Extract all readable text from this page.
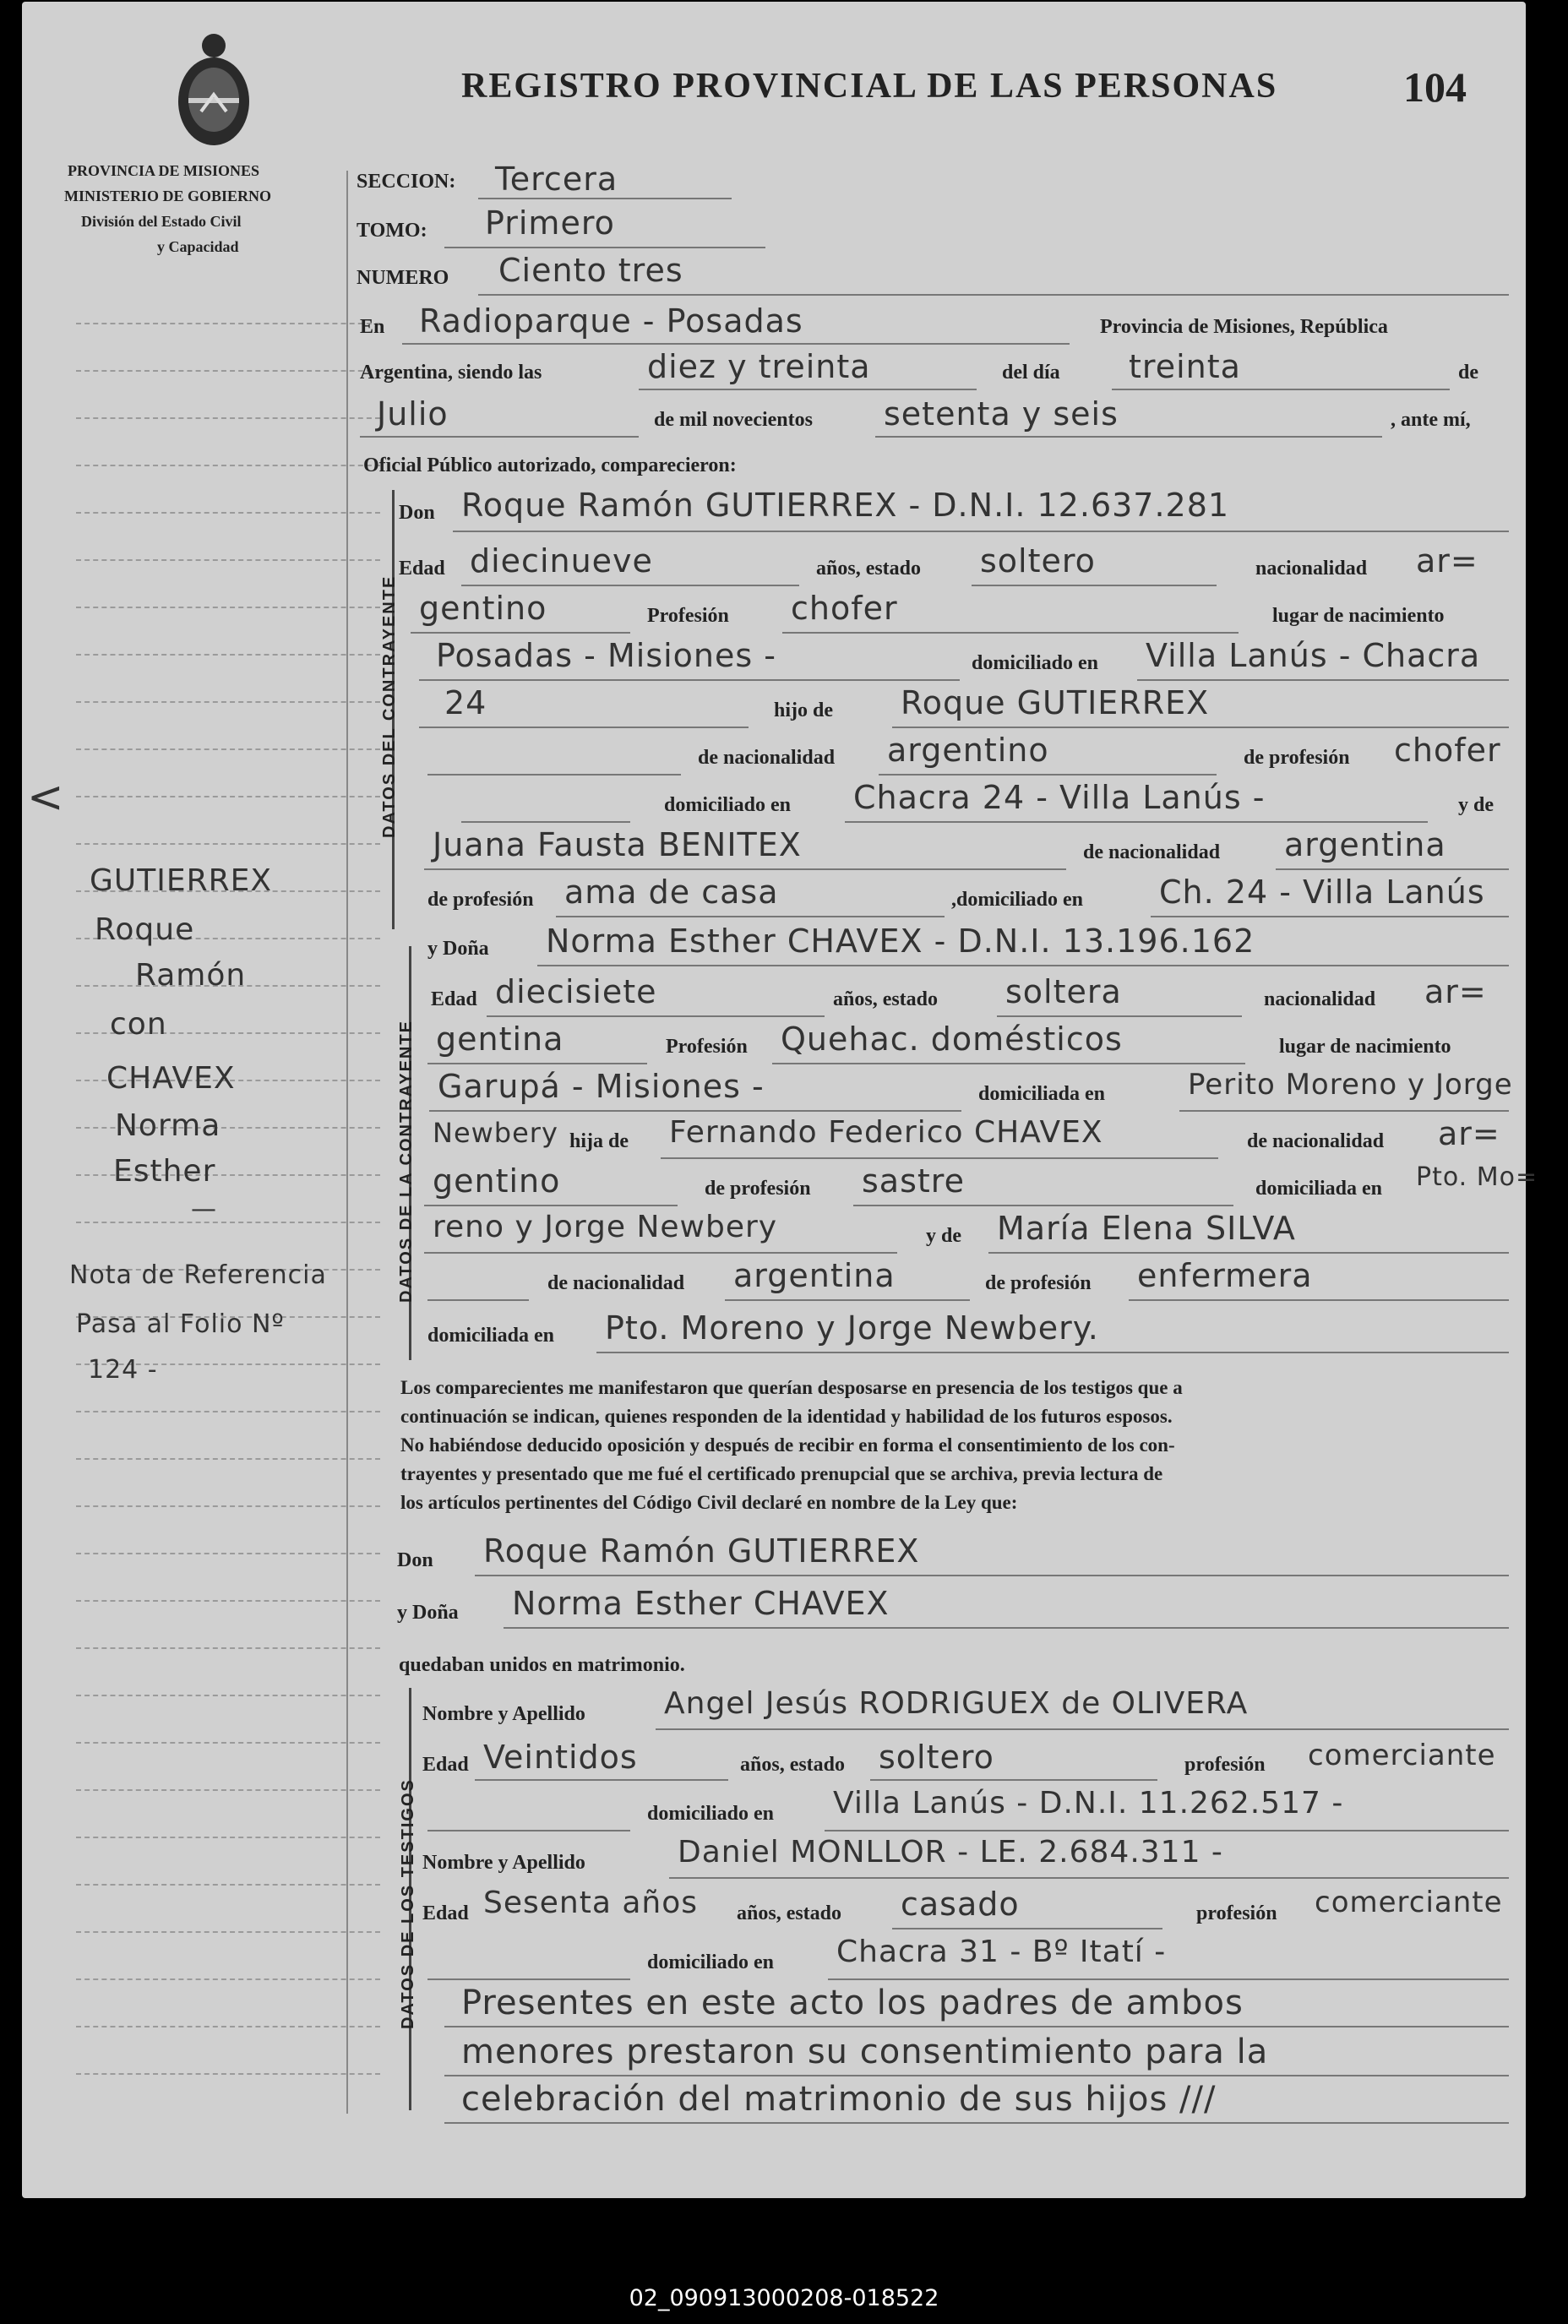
REGISTRO PROVINCIAL DE LAS PERSONAS	104
PROVINCIA DE MISIONES
MINISTERIO DE GOBIERNO
División del Estado Civil
y Capacidad
GUTIERREX
Roque
Ramón
con
CHAVEX
Norma
Esther
—
Nota de Referencia
Pasa al Folio Nº
124 -
<
SECCION: Tercera
TOMO: Primero
NUMERO Ciento tres
En Radioparque - Posadas	Provincia de Misiones, República
Argentina, siendo las	diez y treinta	del día treinta	de
Julio	de mil novecientos setenta y seis	, ante mí,
Oficial Público autorizado, comparecieron:
DATOS DEL CONTRAYENTE
Don Roque Ramón GUTIERREX - D.N.I. 12.637.281
Edad diecinueve	años, estado soltero	nacionalidad ar=
gentino	Profesión chofer	lugar de nacimiento
Posadas - Misiones -	domiciliado en Villa Lanús - Chacra
24	hijo de Roque GUTIERREX
de nacionalidad argentino	de profesión chofer
domiciliado en Chacra 24 - Villa Lanús -	y de
Juana Fausta BENITEX	de nacionalidad argentina
de profesión ama de casa	,domiciliado en Ch. 24 - Villa Lanús
DATOS DE LA CONTRAYENTE
y Doña Norma Esther CHAVEX - D.N.I. 13.196.162
Edad diecisiete	años, estado soltera	nacionalidad ar=
gentina	Profesión Quehac. domésticos	lugar de nacimiento
Garupá - Misiones -	domiciliada en	Perito Moreno y Jorge
Newbery hija de Fernando Federico CHAVEX	de nacionalidad ar=
gentino	de profesión sastre	domiciliada en Pto. Mo=
reno y Jorge Newbery	y de María Elena SILVA
de nacionalidad argentina	de profesión enfermera
domiciliada en Pto. Moreno y Jorge Newbery.
Los comparecientes me manifestaron que querían desposarse en presencia de los testigos que a
continuación se indican, quienes responden de la identidad y habilidad de los futuros esposos.
No habiéndose deducido oposición y después de recibir en forma el consentimiento de los con-
trayentes y presentado que me fué el certificado prenupcial que se archiva, previa lectura de
los artículos pertinentes del Código Civil declaré en nombre de la Ley que:
Don Roque Ramón GUTIERREX
y Doña Norma Esther CHAVEX
quedaban unidos en matrimonio.
DATOS DE LOS TESTIGOS
Nombre y Apellido	Angel Jesús RODRIGUEX de OLIVERA
Edad Veintidos	años, estado soltero	profesión comerciante
domiciliado en Villa Lanús - D.N.I. 11.262.517 -
Nombre y Apellido	Daniel MONLLOR - LE. 2.684.311 -
Edad Sesenta años años, estado casado	profesión comerciante
domiciliado en Chacra 31 - Bº Itatí -
Presentes en este acto los padres de ambos
menores prestaron su consentimiento para la
celebración del matrimonio de sus hijos ///
02_090913000208-018522
